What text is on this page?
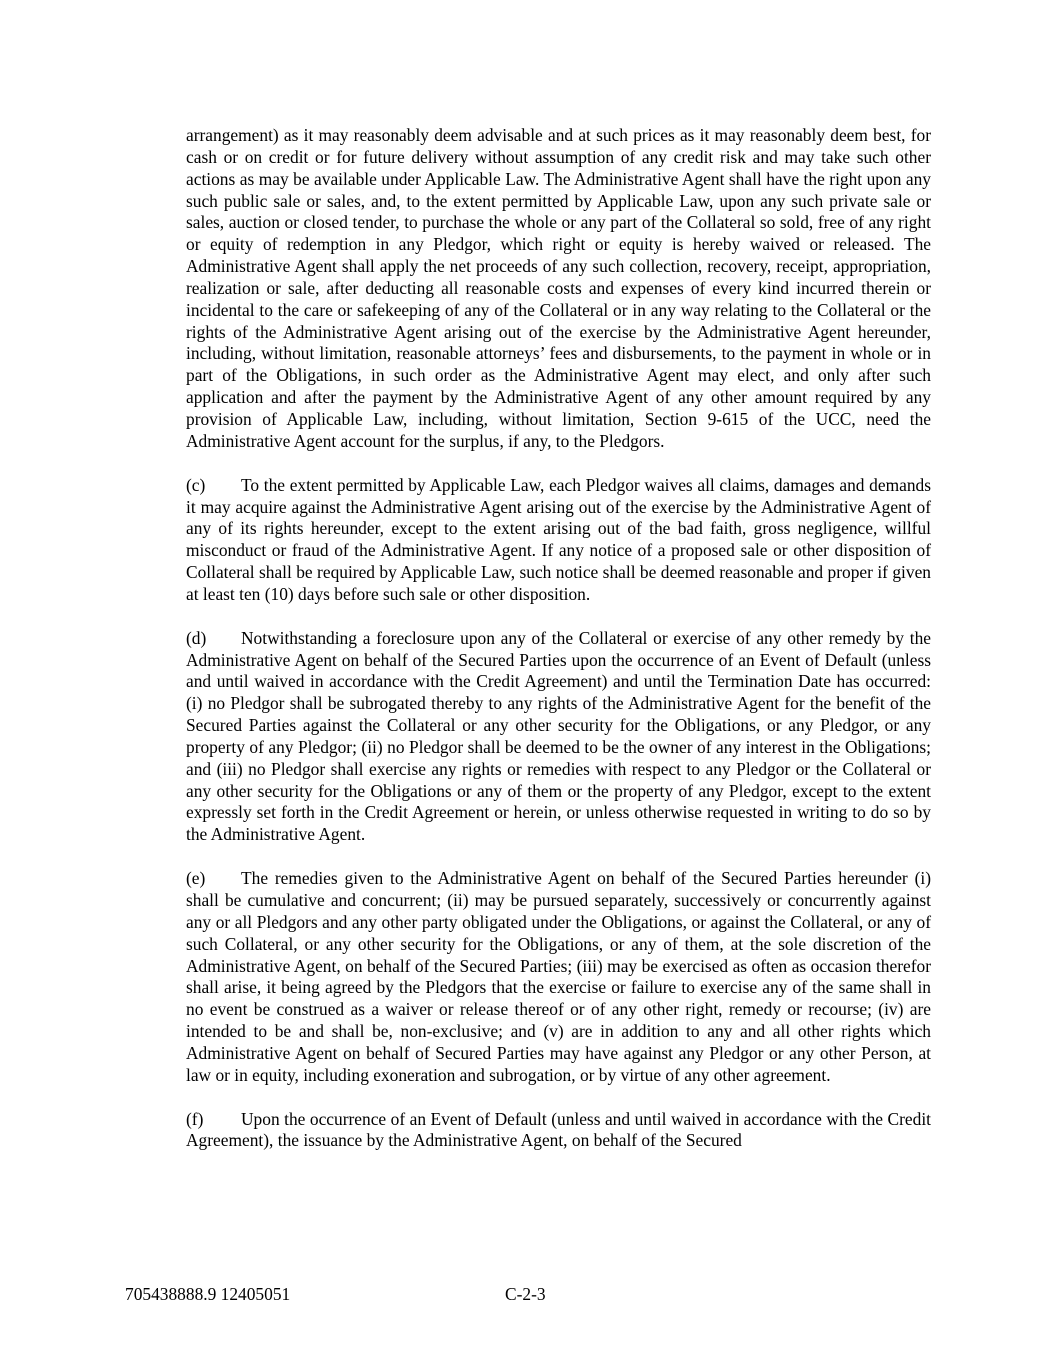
arrangement) as it may reasonably deem advisable and at such prices as it may reasonably deem best, for cash or on credit or for future delivery without assumption of any credit risk and may take such other actions as may be available under Applicable Law. The Administrative Agent shall have the right upon any such public sale or sales, and, to the extent permitted by Applicable Law, upon any such private sale or sales, auction or closed tender, to purchase the whole or any part of the Collateral so sold, free of any right or equity of redemption in any Pledgor, which right or equity is hereby waived or released. The Administrative Agent shall apply the net proceeds of any such collection, recovery, receipt, appropriation, realization or sale, after deducting all reasonable costs and expenses of every kind incurred therein or incidental to the care or safekeeping of any of the Collateral or in any way relating to the Collateral or the rights of the Administrative Agent arising out of the exercise by the Administrative Agent hereunder, including, without limitation, reasonable attorneys’ fees and disbursements, to the payment in whole or in part of the Obligations, in such order as the Administrative Agent may elect, and only after such application and after the payment by the Administrative Agent of any other amount required by any provision of Applicable Law, including, without limitation, Section 9-615 of the UCC, need the Administrative Agent account for the surplus, if any, to the Pledgors.

(c) To the extent permitted by Applicable Law, each Pledgor waives all claims, damages and demands it may acquire against the Administrative Agent arising out of the exercise by the Administrative Agent of any of its rights hereunder, except to the extent arising out of the bad faith, gross negligence, willful misconduct or fraud of the Administrative Agent. If any notice of a proposed sale or other disposition of Collateral shall be required by Applicable Law, such notice shall be deemed reasonable and proper if given at least ten (10) days before such sale or other disposition.

(d) Notwithstanding a foreclosure upon any of the Collateral or exercise of any other remedy by the Administrative Agent on behalf of the Secured Parties upon the occurrence of an Event of Default (unless and until waived in accordance with the Credit Agreement) and until the Termination Date has occurred: (i) no Pledgor shall be subrogated thereby to any rights of the Administrative Agent for the benefit of the Secured Parties against the Collateral or any other security for the Obligations, or any Pledgor, or any property of any Pledgor; (ii) no Pledgor shall be deemed to be the owner of any interest in the Obligations; and (iii) no Pledgor shall exercise any rights or remedies with respect to any Pledgor or the Collateral or any other security for the Obligations or any of them or the property of any Pledgor, except to the extent expressly set forth in the Credit Agreement or herein, or unless otherwise requested in writing to do so by the Administrative Agent.

(e) The remedies given to the Administrative Agent on behalf of the Secured Parties hereunder (i) shall be cumulative and concurrent; (ii) may be pursued separately, successively or concurrently against any or all Pledgors and any other party obligated under the Obligations, or against the Collateral, or any of such Collateral, or any other security for the Obligations, or any of them, at the sole discretion of the Administrative Agent, on behalf of the Secured Parties; (iii) may be exercised as often as occasion therefor shall arise, it being agreed by the Pledgors that the exercise or failure to exercise any of the same shall in no event be construed as a waiver or release thereof or of any other right, remedy or recourse; (iv) are intended to be and shall be, non-exclusive; and (v) are in addition to any and all other rights which Administrative Agent on behalf of Secured Parties may have against any Pledgor or any other Person, at law or in equity, including exoneration and subrogation, or by virtue of any other agreement.

(f) Upon the occurrence of an Event of Default (unless and until waived in accordance with the Credit Agreement), the issuance by the Administrative Agent, on behalf of the Secured

705438888.9 12405051	C-2-3
